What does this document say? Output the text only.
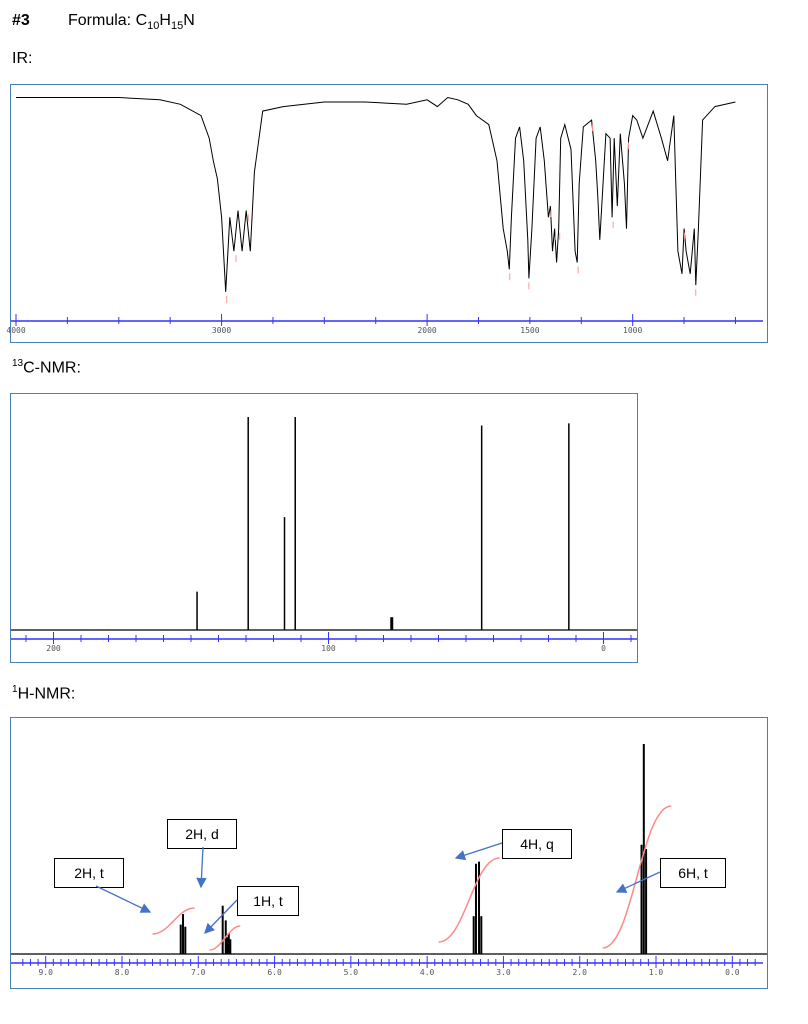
#3 Formula: $C_{10}H_{15}N$
IR:
4000	3000	2000	1500	1000
$^{13}$C-NMR:
200	100	0
$^1$H-NMR:
9.0	8.0	7.0	6.0	5.0	4.0	3.0	2.0	1.0	0.0
2H, t
2H, d
1H, t
4H, q
6H, t
